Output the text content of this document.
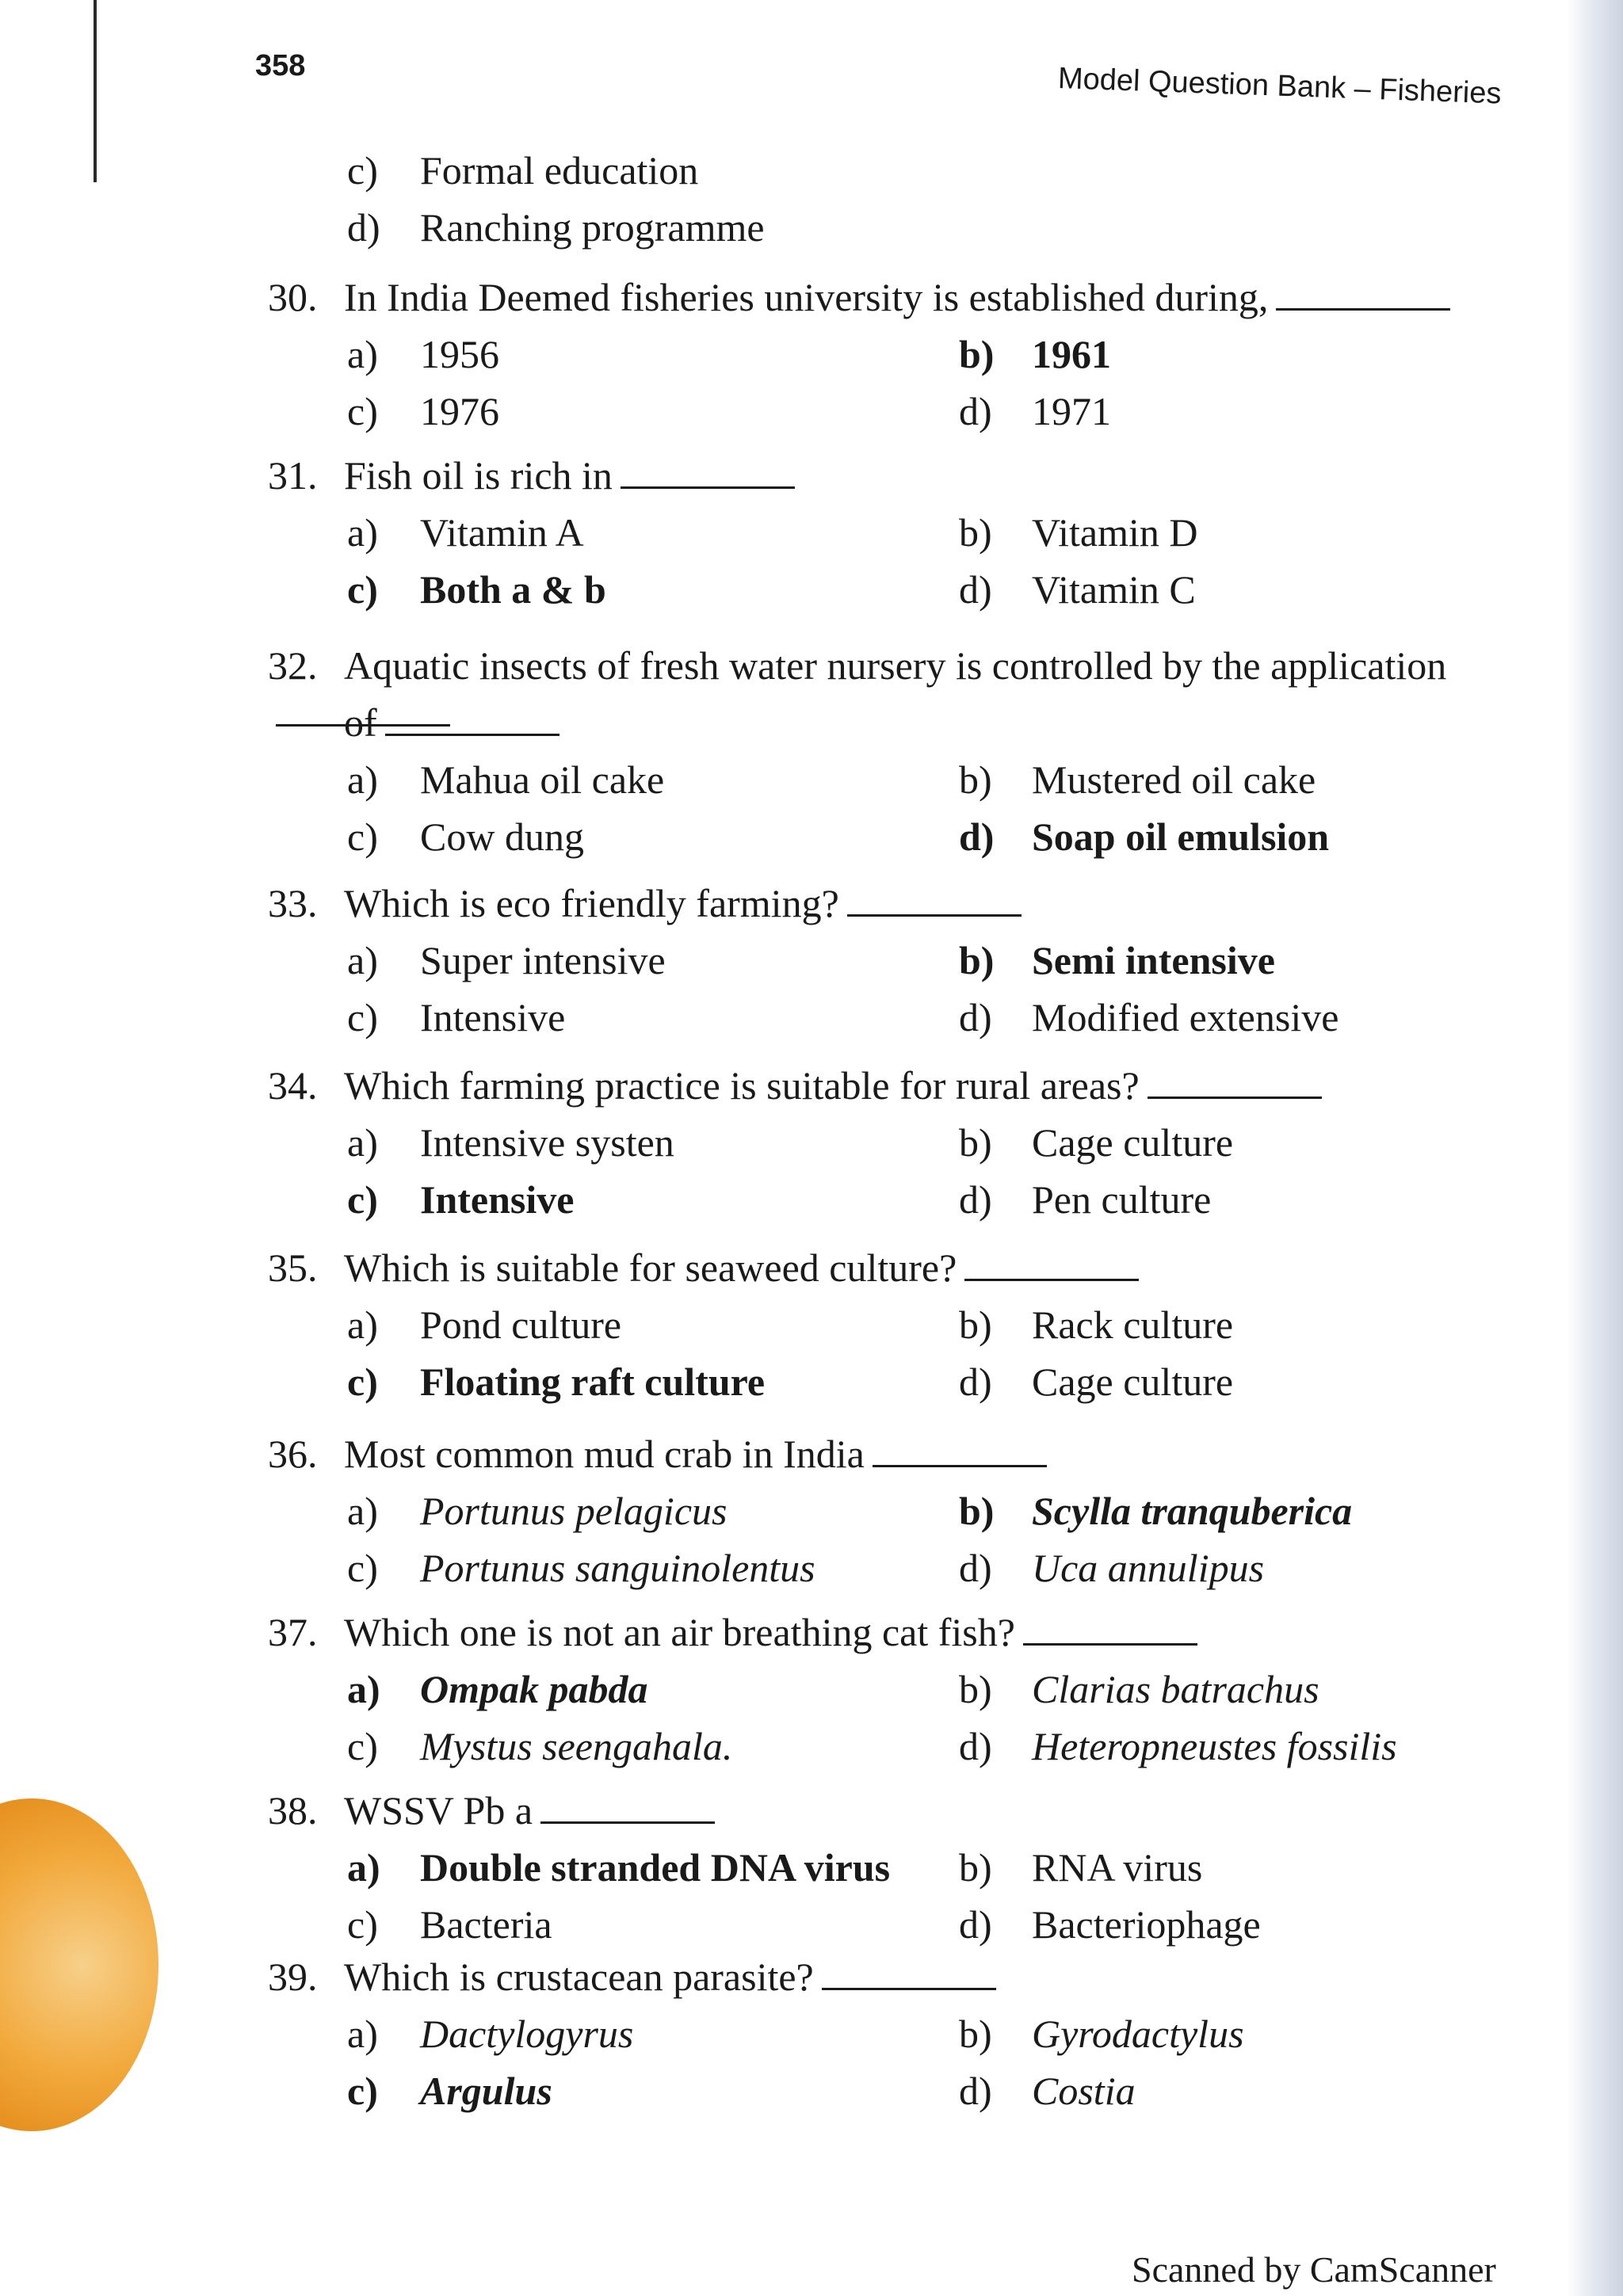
358	Model Question Bank – Fisheries
c) Formal education
d) Ranching programme
30. In India Deemed fisheries university is established during,
a) 1956	b) 1961
c) 1976	d) 1971
31. Fish oil is rich in
a) Vitamin A	b) Vitamin D
c) Both a & b	d) Vitamin C
32. Aquatic insects of fresh water nursery is controlled by the application
of
a) Mahua oil cake	b) Mustered oil cake
c) Cow dung	d) Soap oil emulsion
33. Which is eco friendly farming?
a) Super intensive	b) Semi intensive
c) Intensive	d) Modified extensive
34. Which farming practice is suitable for rural areas?
a) Intensive systen	b) Cage culture
c) Intensive	d) Pen culture
35. Which is suitable for seaweed culture?
a) Pond culture	b) Rack culture
c) Floating raft culture	d) Cage culture
36. Most common mud crab in India
a) Portunus pelagicus	b) Scylla tranquberica
c) Portunus sanguinolentus	d) Uca annulipus
37. Which one is not an air breathing cat fish?
a) Ompak pabda	b) Clarias batrachus
c) Mystus seengahala.	d) Heteropneustes fossilis
38. WSSV Pb a
a) Double stranded DNA virus b) RNA virus
c) Bacteria	d) Bacteriophage
39. Which is crustacean parasite?
a) Dactylogyrus	b) Gyrodactylus
c) Argulus	d) Costia
Scanned by CamScanner
